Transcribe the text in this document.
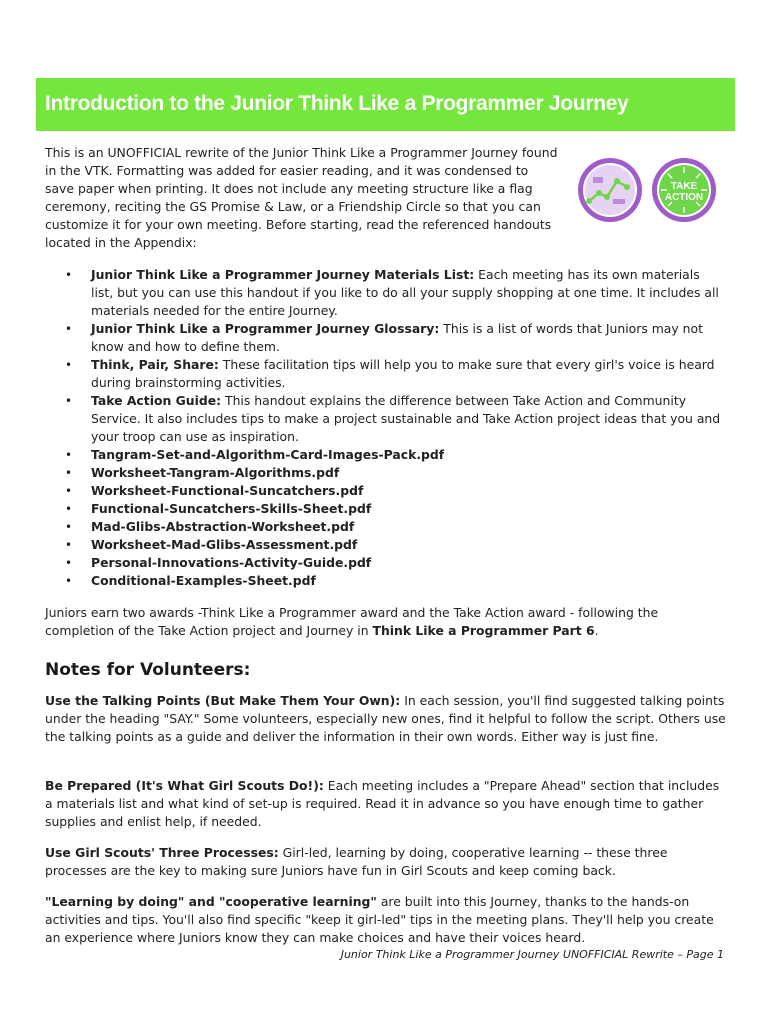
Introduction to the Junior Think Like a Programmer Journey

This is an UNOFFICIAL rewrite of the Junior Think Like a Programmer Journey found in the VTK. Formatting was added for easier reading, and it was condensed to save paper when printing. It does not include any meeting structure like a flag ceremony, reciting the GS Promise & Law, or a Friendship Circle so that you can customize it for your own meeting. Before starting, read the referenced handouts located in the Appendix:

TAKE
ACTION
• Junior Think Like a Programmer Journey Materials List: Each meeting has its own materials list, but you can use this handout if you like to do all your supply shopping at one time. It includes all materials needed for the entire Journey.
• Junior Think Like a Programmer Journey Glossary: This is a list of words that Juniors may not know and how to define them.
• Think, Pair, Share: These facilitation tips will help you to make sure that every girl's voice is heard during brainstorming activities.
• Take Action Guide: This handout explains the difference between Take Action and Community Service. It also includes tips to make a project sustainable and Take Action project ideas that you and your troop can use as inspiration.
• Tangram-Set-and-Algorithm-Card-Images-Pack.pdf
• Worksheet-Tangram-Algorithms.pdf
• Worksheet-Functional-Suncatchers.pdf
• Functional-Suncatchers-Skills-Sheet.pdf
• Mad-Glibs-Abstraction-Worksheet.pdf
• Worksheet-Mad-Glibs-Assessment.pdf
• Personal-Innovations-Activity-Guide.pdf
• Conditional-Examples-Sheet.pdf

Juniors earn two awards -Think Like a Programmer award and the Take Action award - following the completion of the Take Action project and Journey in Think Like a Programmer Part 6.

Notes for Volunteers:

Use the Talking Points (But Make Them Your Own): In each session, you'll find suggested talking points under the heading "SAY." Some volunteers, especially new ones, find it helpful to follow the script. Others use the talking points as a guide and deliver the information in their own words. Either way is just fine.

Be Prepared (It's What Girl Scouts Do!): Each meeting includes a "Prepare Ahead" section that includes a materials list and what kind of set-up is required. Read it in advance so you have enough time to gather supplies and enlist help, if needed.

Use Girl Scouts' Three Processes: Girl-led, learning by doing, cooperative learning -- these three processes are the key to making sure Juniors have fun in Girl Scouts and keep coming back.

"Learning by doing" and "cooperative learning" are built into this Journey, thanks to the hands-on activities and tips. You'll also find specific "keep it girl-led" tips in the meeting plans. They'll help you create an experience where Juniors know they can make choices and have their voices heard.

Junior Think Like a Programmer Journey UNOFFICIAL Rewrite – Page 1
